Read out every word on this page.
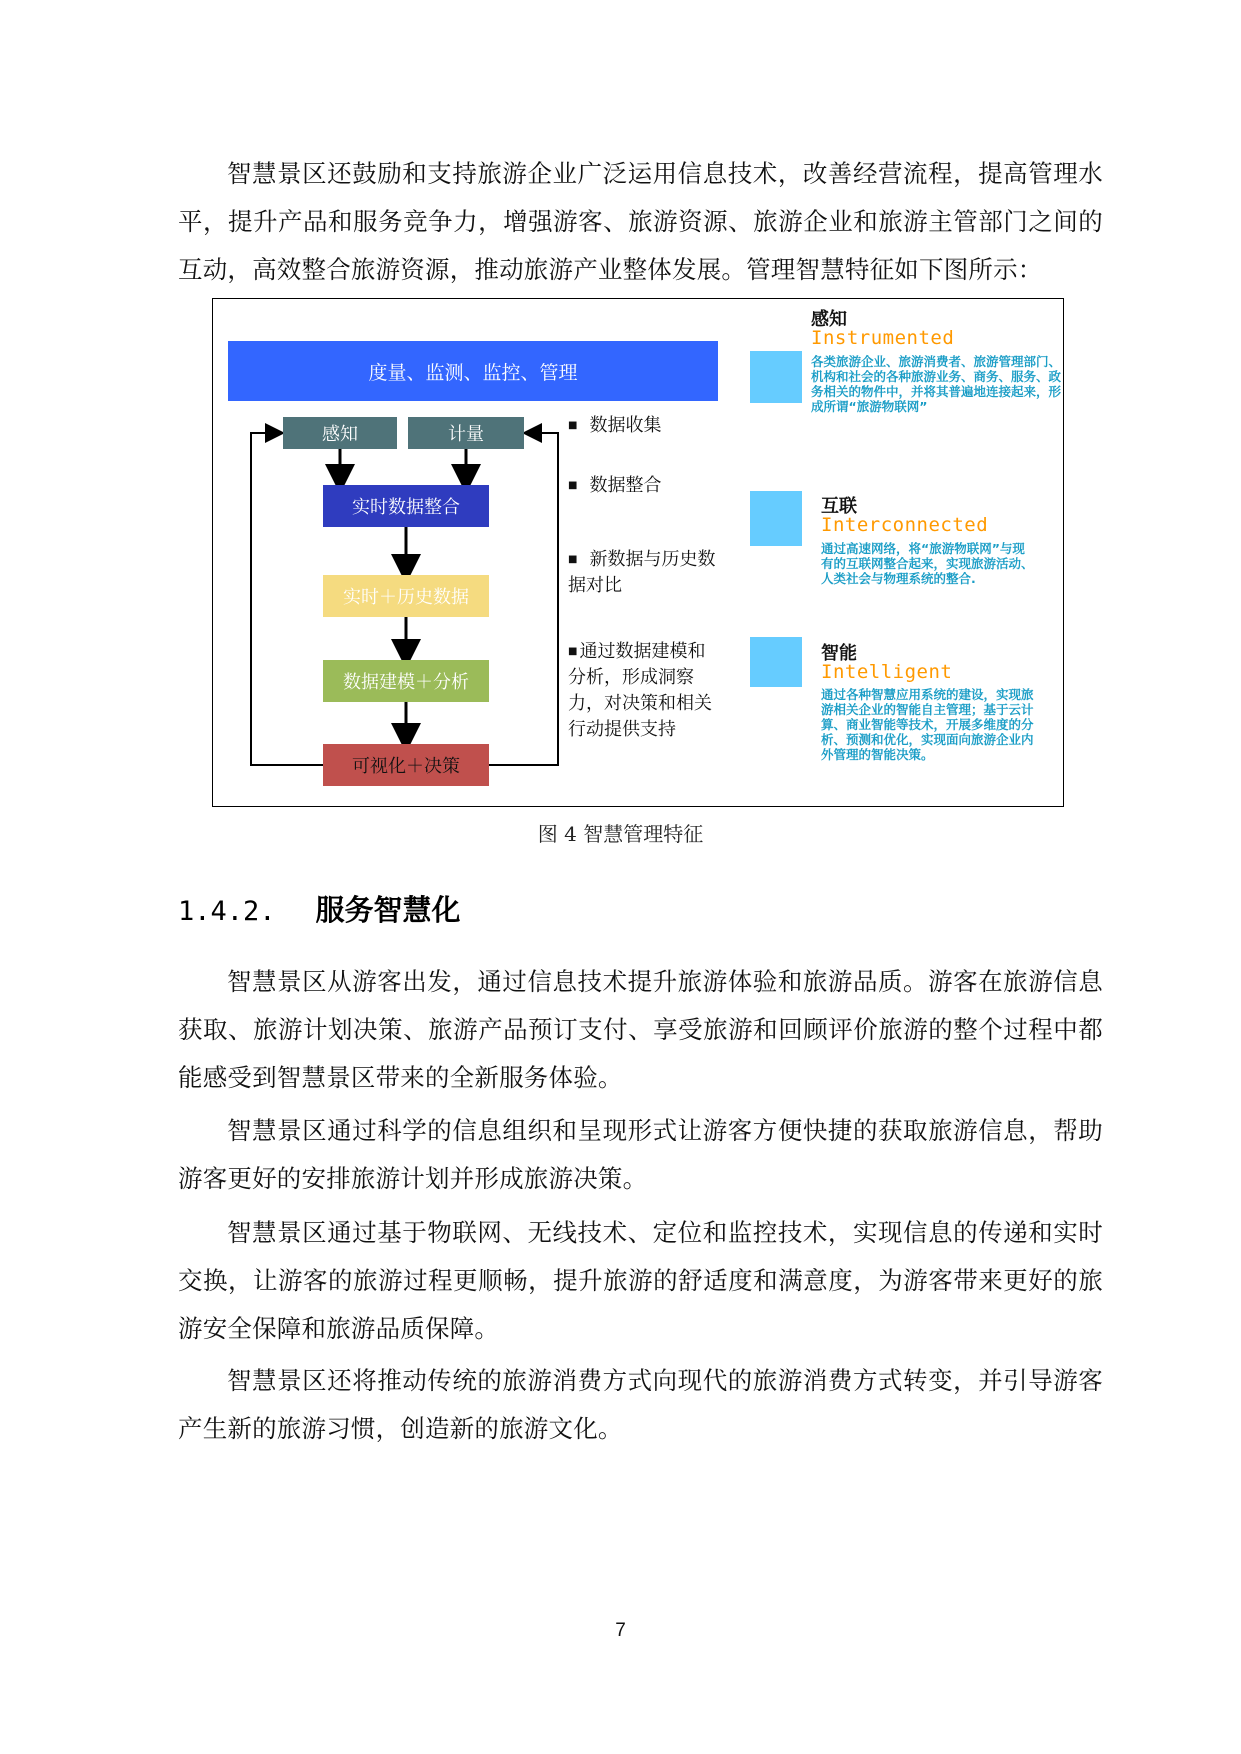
智慧景区还鼓励和支持旅游企业广泛运用信息技术，改善经营流程，提高管理水平，提升产品和服务竞争力，增强游客、旅游资源、旅游企业和旅游主管部门之间的互动，高效整合旅游资源，推动旅游产业整体发展。管理智慧特征如下图所示：

度量、监测、监控、管理
感知	计量
实时数据整合
实时＋历史数据
数据建模＋分析
可视化＋决策
■ 数据收集
■ 数据整合
■ 新数据与历史数据对比
■ 通过数据建模和分析，形成洞察力，对决策和相关行动提供支持
感知
Instrumented
各类旅游企业、旅游消费者、旅游管理部门、机构和社会的各种旅游业务、商务、服务、政务相关的物件中，并将其普遍地连接起来，形成所谓“旅游物联网”
互联
Interconnected
通过高速网络，将“旅游物联网”与现有的互联网整合起来，实现旅游活动、人类社会与物理系统的整合.
智能
Intelligent
通过各种智慧应用系统的建设，实现旅游相关企业的智能自主管理；基于云计算、商业智能等技术，开展多维度的分析、预测和优化，实现面向旅游企业内外管理的智能决策。
图 4 智慧管理特征
1.4.2. 服务智慧化

智慧景区从游客出发，通过信息技术提升旅游体验和旅游品质。游客在旅游信息获取、旅游计划决策、旅游产品预订支付、享受旅游和回顾评价旅游的整个过程中都能感受到智慧景区带来的全新服务体验。

智慧景区通过科学的信息组织和呈现形式让游客方便快捷的获取旅游信息，帮助游客更好的安排旅游计划并形成旅游决策。

智慧景区通过基于物联网、无线技术、定位和监控技术，实现信息的传递和实时交换，让游客的旅游过程更顺畅，提升旅游的舒适度和满意度，为游客带来更好的旅游安全保障和旅游品质保障。

智慧景区还将推动传统的旅游消费方式向现代的旅游消费方式转变，并引导游客产生新的旅游习惯，创造新的旅游文化。

7
